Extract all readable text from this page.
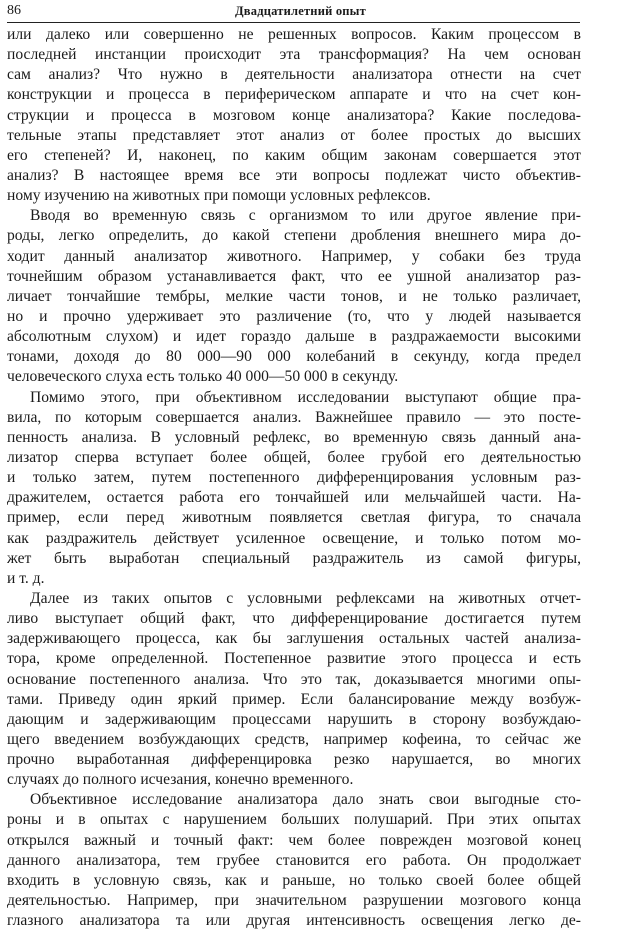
86	Двадцатилетний опыт
или далеко или совершенно не решенных вопросов. Каким процессом в
последней инстанции происходит эта трансформация? На чем основан
сам анализ? Что нужно в деятельности анализатора отнести на счет
конструкции и процесса в периферическом аппарате и что на счет кон-
струкции и процесса в мозговом конце анализатора? Какие последова-
тельные этапы представляет этот анализ от более простых до высших
его степеней? И, наконец, по каким общим законам совершается этот
анализ? В настоящее время все эти вопросы подлежат чисто объектив-
ному изучению на животных при помощи условных рефлексов.
Вводя во временную связь с организмом то или другое явление при-
роды, легко определить, до какой степени дробления внешнего мира до-
ходит данный анализатор животного. Например, у собаки без труда
точнейшим образом устанавливается факт, что ее ушной анализатор раз-
личает тончайшие тембры, мелкие части тонов, и не только различает,
но и прочно удерживает это различение (то, что у людей называется
абсолютным слухом) и идет гораздо дальше в раздражаемости высокими
тонами, доходя до 80 000—90 000 колебаний в секунду, когда предел
человеческого слуха есть только 40 000—50 000 в секунду.
Помимо этого, при объективном исследовании выступают общие пра-
вила, по которым совершается анализ. Важнейшее правило — это посте-
пенность анализа. В условный рефлекс, во временную связь данный ана-
лизатор сперва вступает более общей, более грубой его деятельностью
и только затем, путем постепенного дифференцирования условным раз-
дражителем, остается работа его тончайшей или мельчайшей части. На-
пример, если перед животным появляется светлая фигура, то сначала
как раздражитель действует усиленное освещение, и только потом мо-
жет быть выработан специальный раздражитель из самой фигуры,
и т. д.
Далее из таких опытов с условными рефлексами на животных отчет-
ливо выступает общий факт, что дифференцирование достигается путем
задерживающего процесса, как бы заглушения остальных частей анализа-
тора, кроме определенной. Постепенное развитие этого процесса и есть
основание постепенного анализа. Что это так, доказывается многими опы-
тами. Приведу один яркий пример. Если балансирование между возбуж-
дающим и задерживающим процессами нарушить в сторону возбуждаю-
щего введением возбуждающих средств, например кофеина, то сейчас же
прочно выработанная дифференцировка резко нарушается, во многих
случаях до полного исчезания, конечно временного.
Объективное исследование анализатора дало знать свои выгодные сто-
роны и в опытах с нарушением больших полушарий. При этих опытах
открылся важный и точный факт: чем более поврежден мозговой конец
данного анализатора, тем грубее становится его работа. Он продолжает
входить в условную связь, как и раньше, но только своей более общей
деятельностью. Например, при значительном разрушении мозгового конца
глазного анализатора та или другая интенсивность освещения легко де-
